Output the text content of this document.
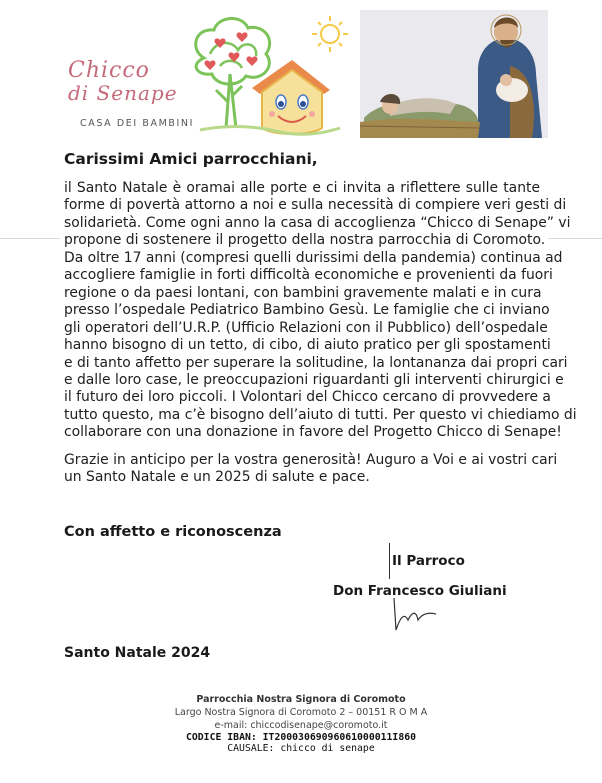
Chicco
di Senape
CASA DEI BAMBINI
Carissimi Amici parrocchiani,

il Santo Natale è oramai alle porte e ci invita a riflettere sulle tante
forme di povertà attorno a noi e sulla necessità di compiere veri gesti di
solidarietà. Come ogni anno la casa di accoglienza “Chicco di Senape” vi
propone di sostenere il progetto della nostra parrocchia di Coromoto.
Da oltre 17 anni (compresi quelli durissimi della pandemia) continua ad
accogliere famiglie in forti difficoltà economiche e provenienti da fuori
regione o da paesi lontani, con bambini gravemente malati e in cura
presso l’ospedale Pediatrico Bambino Gesù. Le famiglie che ci inviano
gli operatori dell’U.R.P. (Ufficio Relazioni con il Pubblico) dell’ospedale
hanno bisogno di un tetto, di cibo, di aiuto pratico per gli spostamenti
e di tanto affetto per superare la solitudine, la lontananza dai propri cari
e dalle loro case, le preoccupazioni riguardanti gli interventi chirurgici e
il futuro dei loro piccoli. I Volontari del Chicco cercano di provvedere a
tutto questo, ma c’è bisogno dell’aiuto di tutti. Per questo vi chiediamo di
collaborare con una donazione in favore del Progetto Chicco di Senape!

Grazie in anticipo per la vostra generosità! Auguro a Voi e ai vostri cari
un Santo Natale e un 2025 di salute e pace.

Con affetto e riconoscenza
Il Parroco
Don Francesco Giuliani
Santo Natale 2024
Parrocchia Nostra Signora di Coromoto
Largo Nostra Signora di Coromoto 2 – 00151 R O M A
e-mail: chiccodisenape@coromoto.it
CODICE IBAN: IT20003069096061000011I860
CAUSALE: chicco di senape
